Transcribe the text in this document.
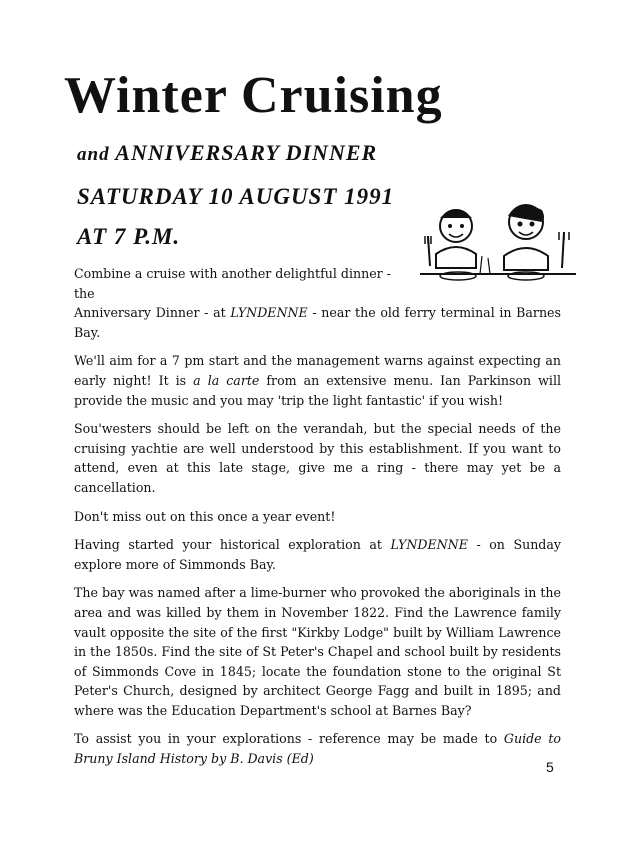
Winter Cruising
and ANNIVERSARY DINNER
SATURDAY 10 AUGUST 1991
AT 7 P.M.

Combine a cruise with another delightful dinner - the

Anniversary Dinner - at LYNDENNE - near the old ferry terminal in Barnes Bay.

We'll aim for a 7 pm start and the management warns against expecting an early night! It is a la carte from an extensive menu. Ian Parkinson will provide the music and you may 'trip the light fantastic' if you wish!

Sou'westers should be left on the verandah, but the special needs of the cruising yachtie are well understood by this establishment. If you want to attend, even at this late stage, give me a ring - there may yet be a cancellation.

Don't miss out on this once a year event!

Having started your historical exploration at LYNDENNE - on Sunday explore more of Simmonds Bay.

The bay was named after a lime-burner who provoked the aboriginals in the area and was killed by them in November 1822. Find the Lawrence family vault opposite the site of the first "Kirkby Lodge" built by William Lawrence in the 1850s. Find the site of St Peter's Chapel and school built by residents of Simmonds Cove in 1845; locate the foundation stone to the original St Peter's Church, designed by architect George Fagg and built in 1895; and where was the Education Department's school at Barnes Bay?

To assist you in your explorations - reference may be made to Guide to Bruny Island History by B. Davis (Ed)

5
